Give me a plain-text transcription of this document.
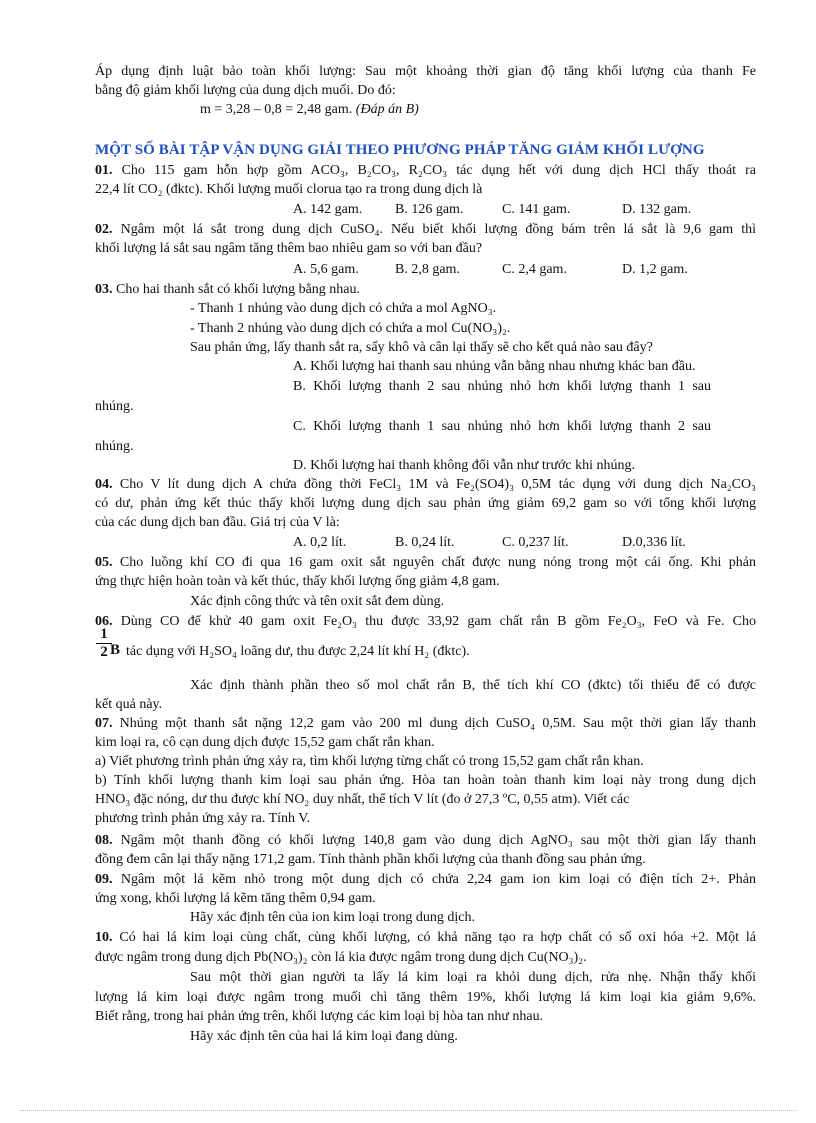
Áp dụng định luật bảo toàn khối lượng: Sau một khoảng thời gian độ tăng khối lượng của thanh Fe
bằng độ giảm khối lượng của dung dịch muối. Do đó:
m = 3,28 – 0,8 = 2,48 gam. (Đáp án B)
MỘT SỐ BÀI TẬP VẬN DỤNG GIẢI THEO PHƯƠNG PHÁP TĂNG GIẢM KHỐI LƯỢNG
01. Cho 115 gam hỗn hợp gồm ACO₃, B₂CO₃, R₂CO₃ tác dụng hết với dung dịch HCl thấy thoát ra
22,4 lít CO₂ (đktc). Khối lượng muối clorua tạo ra trong dung dịch là
A. 142 gam. B. 126 gam.	C. 141 gam.	D. 132 gam.
02. Ngâm một lá sắt trong dung dịch CuSO₄. Nếu biết khối lượng đồng bám trên lá sắt là 9,6 gam thì
khối lượng lá sắt sau ngâm tăng thêm bao nhiêu gam so với ban đầu?
A. 5,6 gam.	B. 2,8 gam.	C. 2,4 gam.	D. 1,2 gam.
03. Cho hai thanh sắt có khối lượng bằng nhau.
- Thanh 1 nhúng vào dung dịch có chứa a mol AgNO₃.
- Thanh 2 nhúng vào dung dịch có chứa a mol Cu(NO₃)₂.
Sau phản ứng, lấy thanh sắt ra, sấy khô và cân lại thấy sẽ cho kết quả nào sau đây?
A. Khối lượng hai thanh sau nhúng vẫn bằng nhau nhưng khác ban đầu.
B. Khối lượng thanh 2 sau nhúng nhỏ hơn khối lượng thanh 1 sau
nhúng.
C. Khối lượng thanh 1 sau nhúng nhỏ hơn khối lượng thanh 2 sau
nhúng.
D. Khối lượng hai thanh không đổi vẫn như trước khi nhúng.
04. Cho V lít dung dịch A chứa đồng thời FeCl₃ 1M và Fe₂(SO4)₃ 0,5M tác dụng với dung dịch Na₂CO₃
có dư, phản ứng kết thúc thấy khối lượng dung dịch sau phản ứng giảm 69,2 gam so với tổng khối lượng
của các dung dịch ban đầu. Giá trị của V là:
A. 0,2 lít.	B. 0,24 lít.	C. 0,237 lít.	D.0,336 lít.
05. Cho luồng khí CO đi qua 16 gam oxit sắt nguyên chất được nung nóng trong một cái ống. Khi phản
ứng thực hiện hoàn toàn và kết thúc, thấy khối lượng ống giảm 4,8 gam.
Xác định công thức và tên oxit sắt đem dùng.
06. Dùng CO để khử 40 gam oxit Fe₂O₃ thu được 33,92 gam chất rắn B gồm Fe₂O₃, FeO và Fe. Cho
1
2 B tác dụng với H₂SO₄ loãng dư, thu được 2,24 lít khí H₂ (đktc).
Xác định thành phần theo số mol chất rắn B, thể tích khí CO (đktc) tối thiểu để có được
kết quả này.
07. Nhúng một thanh sắt nặng 12,2 gam vào 200 ml dung dịch CuSO₄ 0,5M. Sau một thời gian lấy thanh
kim loại ra, cô cạn dung dịch được 15,52 gam chất rắn khan.
a) Viết phương trình phản ứng xảy ra, tìm khối lượng từng chất có trong 15,52 gam chất rắn khan.
b) Tính khối lượng thanh kim loại sau phản ứng. Hòa tan hoàn toàn thanh kim loại này trong dung dịch
HNO₃ đặc nóng, dư thu được khí NO₂ duy nhất, thể tích V lít (đo ở 27,3 ºC, 0,55 atm). Viết các
phương trình phản ứng xảy ra. Tính V.
08. Ngâm một thanh đồng có khối lượng 140,8 gam vào dung dịch AgNO₃ sau một thời gian lấy thanh
đồng đem cân lại thấy nặng 171,2 gam. Tính thành phần khối lượng của thanh đồng sau phản ứng.
09. Ngâm một lá kẽm nhỏ trong một dung dịch có chứa 2,24 gam ion kim loại có điện tích 2+. Phản
ứng xong, khối lượng lá kẽm tăng thêm 0,94 gam.
Hãy xác định tên của ion kim loại trong dung dịch.
10. Có hai lá kim loại cùng chất, cùng khối lượng, có khả năng tạo ra hợp chất có số oxi hóa +2. Một lá
được ngâm trong dung dịch Pb(NO₃)₂ còn lá kia được ngâm trong dung dịch Cu(NO₃)₂.
Sau một thời gian người ta lấy lá kim loại ra khỏi dung dịch, rửa nhẹ. Nhận thấy khối
lượng lá kim loại được ngâm trong muối chì tăng thêm 19%, khối lượng lá kim loại kia giảm 9,6%.
Biết rằng, trong hai phản ứng trên, khối lượng các kim loại bị hòa tan như nhau.
Hãy xác định tên của hai lá kim loại đang dùng.
